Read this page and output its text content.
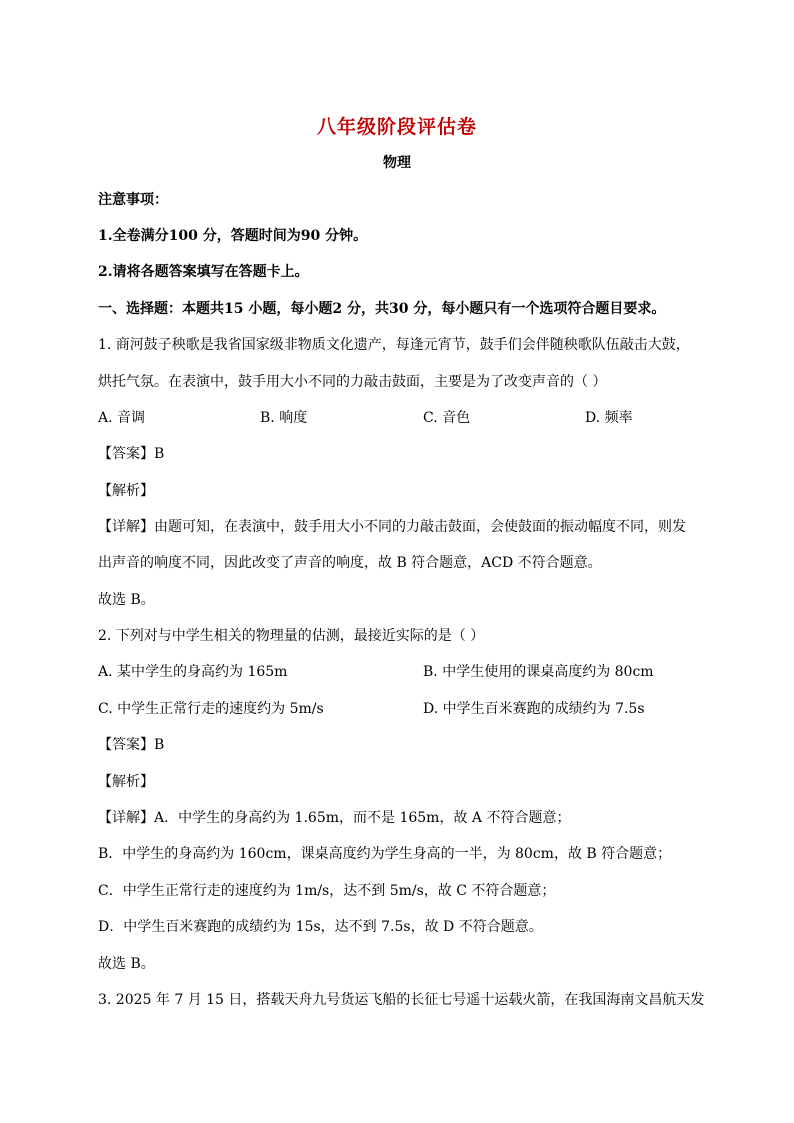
八年级阶段评估卷
物理
注意事项：
1.全卷满分100 分，答题时间为90 分钟。
2.请将各题答案填写在答题卡上。
一、选择题：本题共15 小题，每小题2 分，共30 分，每小题只有一个选项符合题目要求。
1. 商河鼓子秧歌是我省国家级非物质文化遗产，每逢元宵节，鼓手们会伴随秧歌队伍敲击大鼓，
烘托气氛。在表演中，鼓手用大小不同的力敲击鼓面，主要是为了改变声音的（ ）
A. 音调	B. 响度	C. 音色	D. 频率
【答案】B
【解析】
【详解】由题可知，在表演中，鼓手用大小不同的力敲击鼓面，会使鼓面的振动幅度不同，则发
出声音的响度不同，因此改变了声音的响度，故 B 符合题意，ACD 不符合题意。
故选 B。
2. 下列对与中学生相关的物理量的估测，最接近实际的是（ ）
A. 某中学生的身高约为 165m	B. 中学生使用的课桌高度约为 80cm
C. 中学生正常行走的速度约为 5m/s	D. 中学生百米赛跑的成绩约为 7.5s
【答案】B
【解析】
【详解】A．中学生的身高约为 1.65m，而不是 165m，故 A 不符合题意；
B．中学生的身高约为 160cm，课桌高度约为学生身高的一半，为 80cm，故 B 符合题意；
C．中学生正常行走的速度约为 1m/s，达不到 5m/s，故 C 不符合题意；
D．中学生百米赛跑的成绩约为 15s，达不到 7.5s，故 D 不符合题意。
故选 B。
3. 2025 年 7 月 15 日，搭载天舟九号货运飞船的长征七号遥十运载火箭，在我国海南文昌航天发
